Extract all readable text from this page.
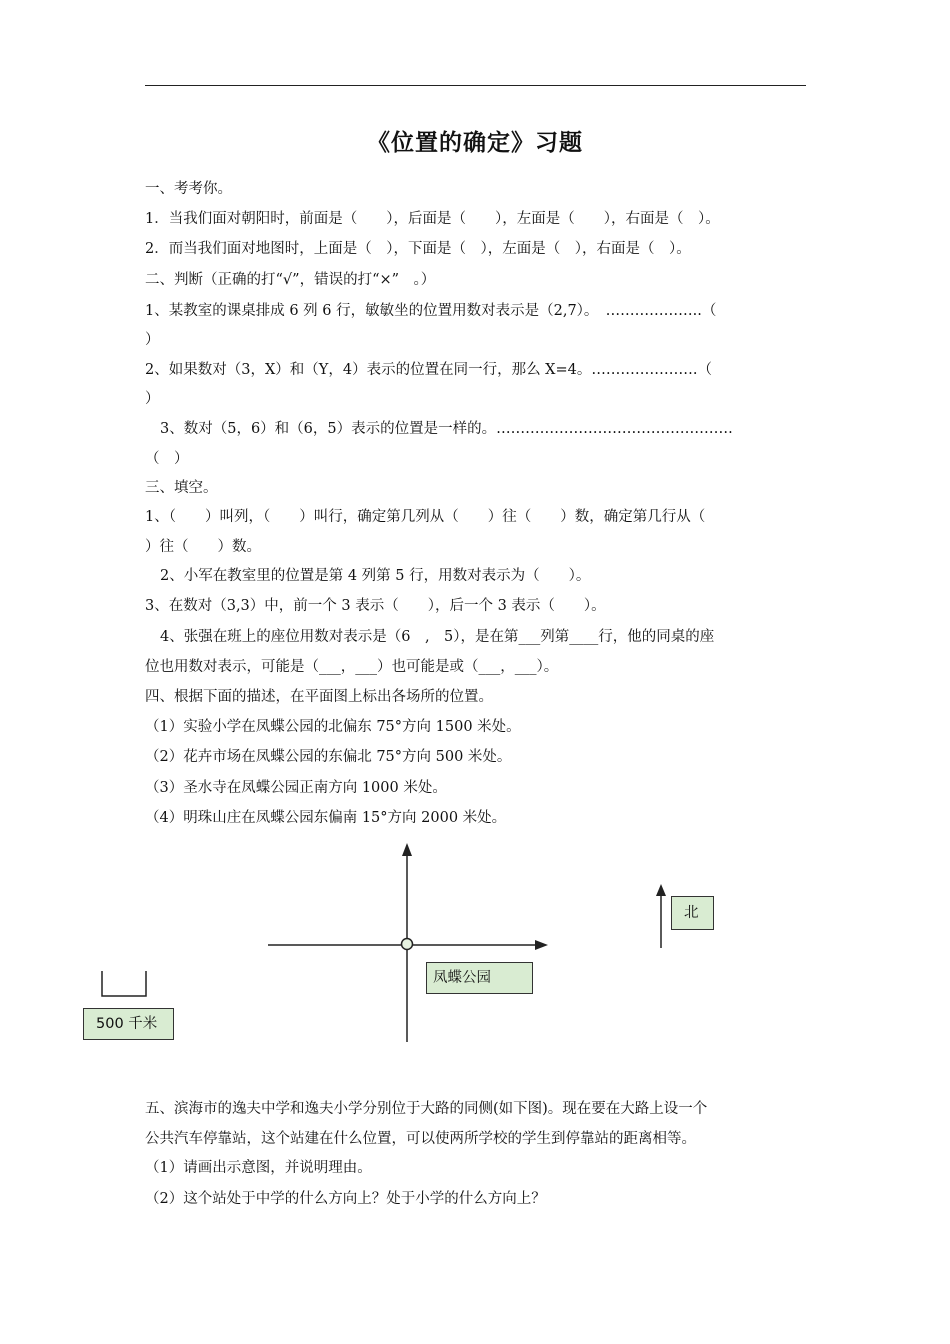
《位置的确定》习题
一、考考你。
1．当我们面对朝阳时，前面是（　　），后面是（　　），左面是（　　），右面是（　）。
2．而当我们面对地图时，上面是（　），下面是（　），左面是（　），右面是（　）。
二、判断（正确的打“√”，错误的打“×”　。）
1、某教室的课桌排成 6 列 6 行，敏敏坐的位置用数对表示是（2,7）。　………………..（
）
2、如果数对（3，X）和（Y，4）表示的位置在同一行，那么 X=4。………………….（
）
3、数对（5，6）和（6，5）表示的位置是一样的。………………………………………….
（　）
三、填空。
1、（　　）叫列，（　　）叫行，确定第几列从（　　）往（　　）数，确定第几行从（
）往（　　）数。
2、小军在教室里的位置是第 4 列第 5 行，用数对表示为（　　）。
3、在数对（3,3）中，前一个 3 表示（　　），后一个 3 表示（　　）。
4、张强在班上的座位用数对表示是（6　,　5），是在第___列第____行，他的同桌的座
位也用数对表示，可能是（___，___）也可能是或（___，___）。
四、根据下面的描述，在平面图上标出各场所的位置。
（1）实验小学在凤蝶公园的北偏东 75°方向 1500 米处。
（2）花卉市场在凤蝶公园的东偏北 75°方向 500 米处。
（3）圣水寺在凤蝶公园正南方向 1000 米处。
（4）明珠山庄在凤蝶公园东偏南 15°方向 2000 米处。
凤蝶公园
北
500 千米
五、滨海市的逸夫中学和逸夫小学分别位于大路的同侧(如下图)。现在要在大路上设一个
公共汽车停靠站，这个站建在什么位置，可以使两所学校的学生到停靠站的距离相等。
（1）请画出示意图，并说明理由。
（2）这个站处于中学的什么方向上？处于小学的什么方向上？
